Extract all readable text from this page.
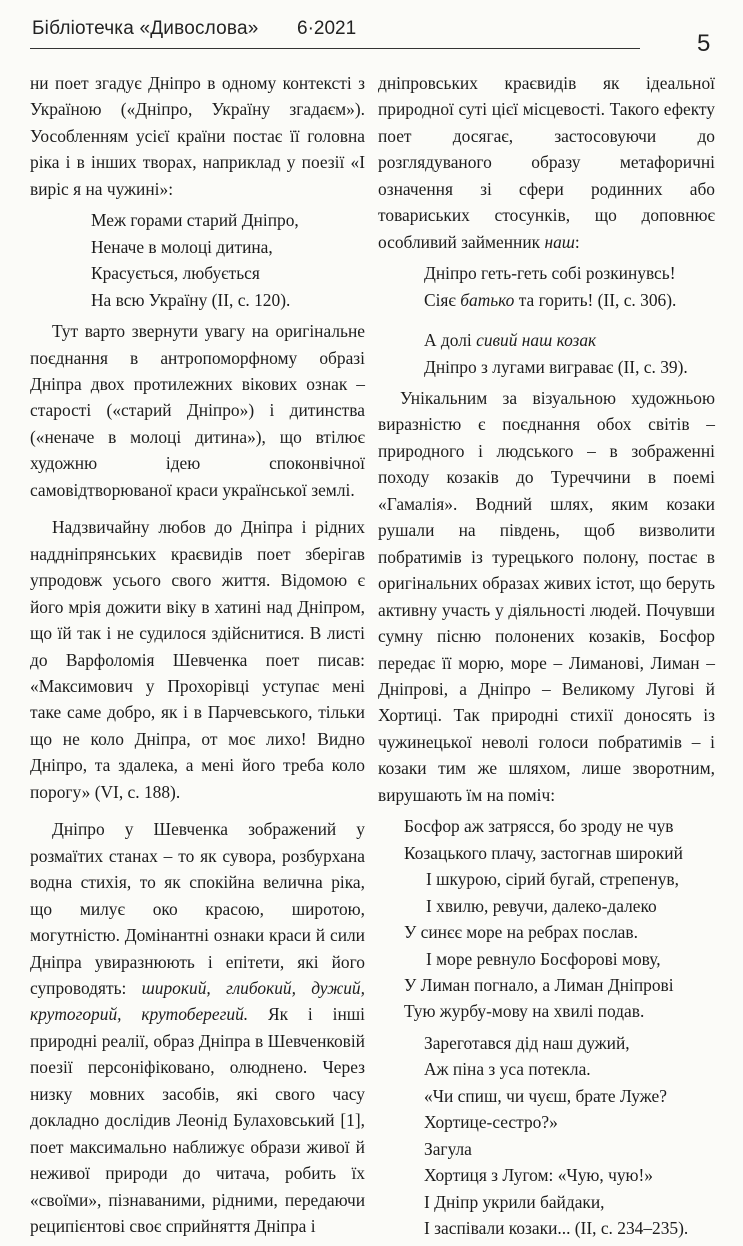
Бібліотечка «Дивослова» 6·2021
5

ни поет згадує Дніпро в одному контексті з Україною («Дніпро, Україну згадаєм»). Уособленням усієї країни постає її головна ріка і в інших творах, наприклад у поезії «І виріс я на чужині»:

Меж горами старий Дніпро,
Неначе в молоці дитина,
Красується, любується
На всю Україну (ІІ, с. 120).

Тут варто звернути увагу на оригінальне поєднання в антропоморфному образі Дніпра двох протилежних вікових ознак – старості («старий Дніпро») і дитинства («неначе в молоці дитина»), що втілює художню ідею споконвічної самовідтворюваної краси української землі.

Надзвичайну любов до Дніпра і рідних наддніпрянських краєвидів поет зберігав упродовж усього свого життя. Відомою є його мрія дожити віку в хатині над Дніпром, що їй так і не судилося здійснитися. В листі до Варфоломія Шевченка поет писав: «Максимович у Прохорівці уступає мені таке саме добро, як і в Парчевського, тільки що не коло Дніпра, от моє лихо! Видно Дніпро, та здалека, а мені його треба коло порогу» (VI, с. 188).

Дніпро у Шевченка зображений у розмаїтих станах – то як сувора, розбурхана водна стихія, то як спокійна велична ріка, що милує око красою, широтою, могутністю. Домінантні ознаки краси й сили Дніпра увиразнюють і епітети, які його супроводять: широкий, глибокий, дужий, крутогорий, крутоберегий. Як і інші природні реалії, образ Дніпра в Шевченковій поезії персоніфіковано, олюднено. Через низку мовних засобів, які свого часу докладно дослідив Леонід Булаховський [1], поет максимально наближує образи живої й неживої природи до читача, робить їх «своїми», пізнаваними, рідними, передаючи реципієнтові своє сприйняття Дніпра і

дніпровських краєвидів як ідеальної природної суті цієї місцевості. Такого ефекту поет досягає, застосовуючи до розглядуваного образу метафоричні означення зі сфери родинних або товариських стосунків, що доповнює особливий займенник наш:

Дніпро геть-геть собі розкинувсь!
Сіяє батько та горить! (ІІ, с. 306).
А долі сивий наш козак
Дніпро з лугами виграває (ІІ, с. 39).

Унікальним за візуальною художньою виразністю є поєднання обох світів – природного і людського – в зображенні походу козаків до Туреччини в поемі «Гамалія». Водний шлях, яким козаки рушали на південь, щоб визволити побратимів із турецького полону, постає в оригінальних образах живих істот, що беруть активну участь у діяльності людей. Почувши сумну пісню полонених козаків, Босфор передає її морю, море – Лиманові, Лиман – Дніпрові, а Дніпро – Великому Лугові й Хортиці. Так природні стихії доносять із чужинецької неволі голоси побратимів – і козаки тим же шляхом, лише зворотним, вирушають їм на поміч:

Босфор аж затрясся, бо зроду не чув
Козацького плачу, застогнав широкий
І шкурою, сірий бугай, стрепенув,
І хвилю, ревучи, далеко-далеко
У синєє море на ребрах послав.
І море ревнуло Босфорові мову,
У Лиман погнало, а Лиман Дніпрові
Тую журбу-мову на хвилі подав.
Зареготався дід наш дужий,
Аж піна з уса потекла.
«Чи спиш, чи чуєш, брате Луже?
Хортице-сестро?»
Загула
Хортиця з Лугом: «Чую, чую!»
І Дніпр укрили байдаки,
І заспівали козаки... (ІІ, с. 234–235).
